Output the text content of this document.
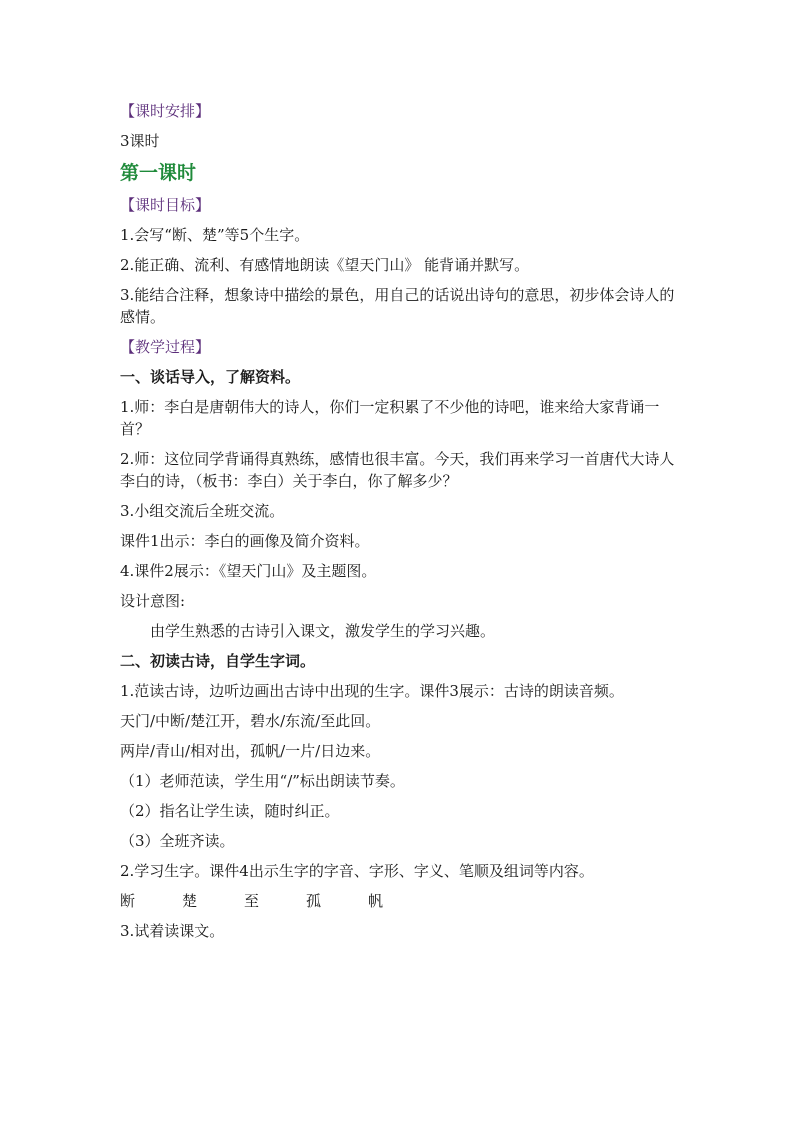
【课时安排】

3课时

第一课时

【课时目标】

1.会写“断、楚”等5个生字。

2.能正确、流利、有感情地朗读《望天门山》 能背诵并默写。

3.能结合注释，想象诗中描绘的景色，用自己的话说出诗句的意思，初步体会诗人的感情。

【教学过程】

一、谈话导入，了解资料。

1.师：李白是唐朝伟大的诗人，你们一定积累了不少他的诗吧，谁来给大家背诵一首？

2.师：这位同学背诵得真熟练，感情也很丰富。今天，我们再来学习一首唐代大诗人李白的诗，（板书：李白）关于李白，你了解多少？

3.小组交流后全班交流。

课件1出示：李白的画像及简介资料。

4.课件2展示：《望天门山》及主题图。

设计意图:

由学生熟悉的古诗引入课文，激发学生的学习兴趣。

二、初读古诗，自学生字词。

1.范读古诗，边听边画出古诗中出现的生字。课件3展示：古诗的朗读音频。

天门/中断/楚江开，碧水/东流/至此回。

两岸/青山/相对出，孤帆/一片/日边来。

（1）老师范读，学生用“/”标出朗读节奏。

（2）指名让学生读，随时纠正。

（3）全班齐读。

2.学习生字。课件4出示生字的字音、字形、字义、笔顺及组词等内容。

断	楚	至	孤	帆

3.试着读课文。
